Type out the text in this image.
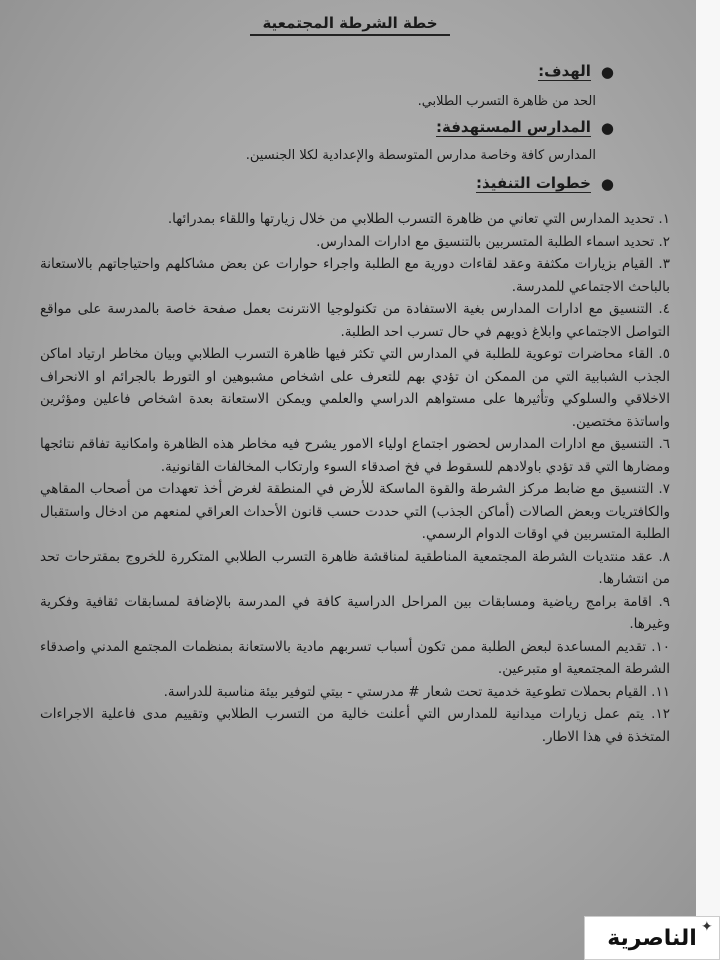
خطة الشرطة المجتمعية
●
الهدف:
الحد من ظاهرة التسرب الطلابي.
●
المدارس المستهدفة:
المدارس كافة وخاصة مدارس المتوسطة والإعدادية لكلا الجنسين.
●
خطوات التنفيذ:

١. تحديد المدارس التي تعاني من ظاهرة التسرب الطلابي من خلال زيارتها واللقاء بمدرائها.

٢. تحديد اسماء الطلبة المتسربين بالتنسيق مع ادارات المدارس.

٣. القيام بزيارات مكثفة وعقد لقاءات دورية مع الطلبة واجراء حوارات عن بعض مشاكلهم واحتياجاتهم بالاستعانة بالباحث الاجتماعي للمدرسة.

٤. التنسيق مع ادارات المدارس بغية الاستفادة من تكنولوجيا الانترنت بعمل صفحة خاصة بالمدرسة على مواقع التواصل الاجتماعي وابلاغ ذويهم في حال تسرب احد الطلبة.

٥. القاء محاضرات توعوية للطلبة في المدارس التي تكثر فيها ظاهرة التسرب الطلابي وبيان مخاطر ارتياد اماكن الجذب الشبابية التي من الممكن ان تؤدي بهم للتعرف على اشخاص مشبوهين او التورط بالجرائم او الانحراف الاخلاقي والسلوكي وتأثيرها على مستواهم الدراسي والعلمي ويمكن الاستعانة بعدة اشخاص فاعلين ومؤثرين واساتذة مختصين.

٦. التنسيق مع ادارات المدارس لحضور اجتماع اولياء الامور يشرح فيه مخاطر هذه الظاهرة وامكانية تفاقم نتائجها ومضارها التي قد تؤدي باولادهم للسقوط في فخ اصدقاء السوء وارتكاب المخالفات القانونية.

٧. التنسيق مع ضابط مركز الشرطة والقوة الماسكة للأرض في المنطقة لغرض أخذ تعهدات من أصحاب المقاهي والكافتريات وبعض الصالات (أماكن الجذب) التي حددت حسب قانون الأحداث العراقي لمنعهم من ادخال واستقبال الطلبة المتسربين في اوقات الدوام الرسمي.

٨. عقد منتديات الشرطة المجتمعية المناطقية لمناقشة ظاهرة التسرب الطلابي المتكررة للخروج بمقترحات تحد من انتشارها.

٩. اقامة برامج رياضية ومسابقات بين المراحل الدراسية كافة في المدرسة بالإضافة لمسابقات ثقافية وفكرية وغيرها.

١٠. تقديم المساعدة لبعض الطلبة ممن تكون أسباب تسربهم مادية بالاستعانة بمنظمات المجتمع المدني واصدقاء الشرطة المجتمعية او متبرعين.

١١. القيام بحملات تطوعية خدمية تحت شعار # مدرستي - بيتي لتوفير بيئة مناسبة للدراسة.

١٢. يتم عمل زيارات ميدانية للمدارس التي أعلنت خالية من التسرب الطلابي وتقييم مدى فاعلية الاجراءات المتخذة في هذا الاطار.

✦
الناصرية
